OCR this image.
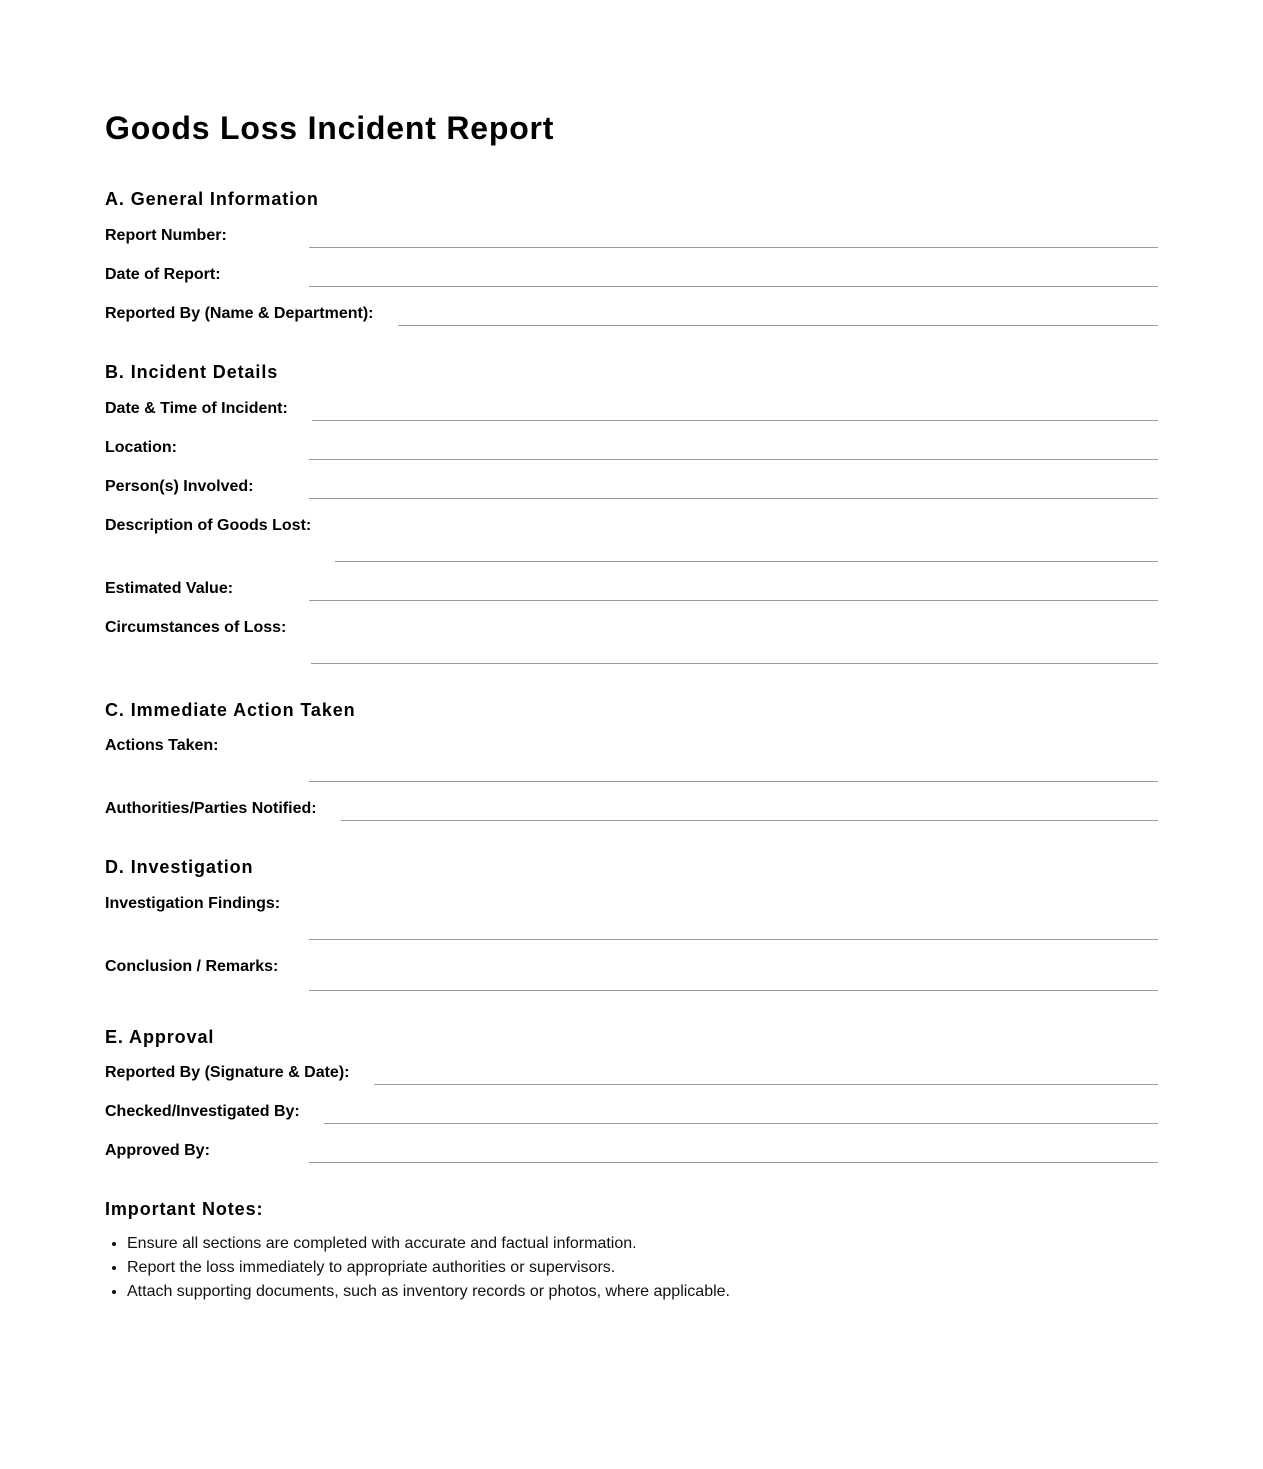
Goods Loss Incident Report
A. General Information
Report Number:
Date of Report:
Reported By (Name & Department):
B. Incident Details
Date & Time of Incident:
Location:
Person(s) Involved:
Description of Goods Lost:
Estimated Value:
Circumstances of Loss:
C. Immediate Action Taken
Actions Taken:
Authorities/Parties Notified:
D. Investigation
Investigation Findings:
Conclusion / Remarks:
E. Approval
Reported By (Signature & Date):
Checked/Investigated By:
Approved By:
Important Notes:
• Ensure all sections are completed with accurate and factual information.
• Report the loss immediately to appropriate authorities or supervisors.
• Attach supporting documents, such as inventory records or photos, where applicable.
